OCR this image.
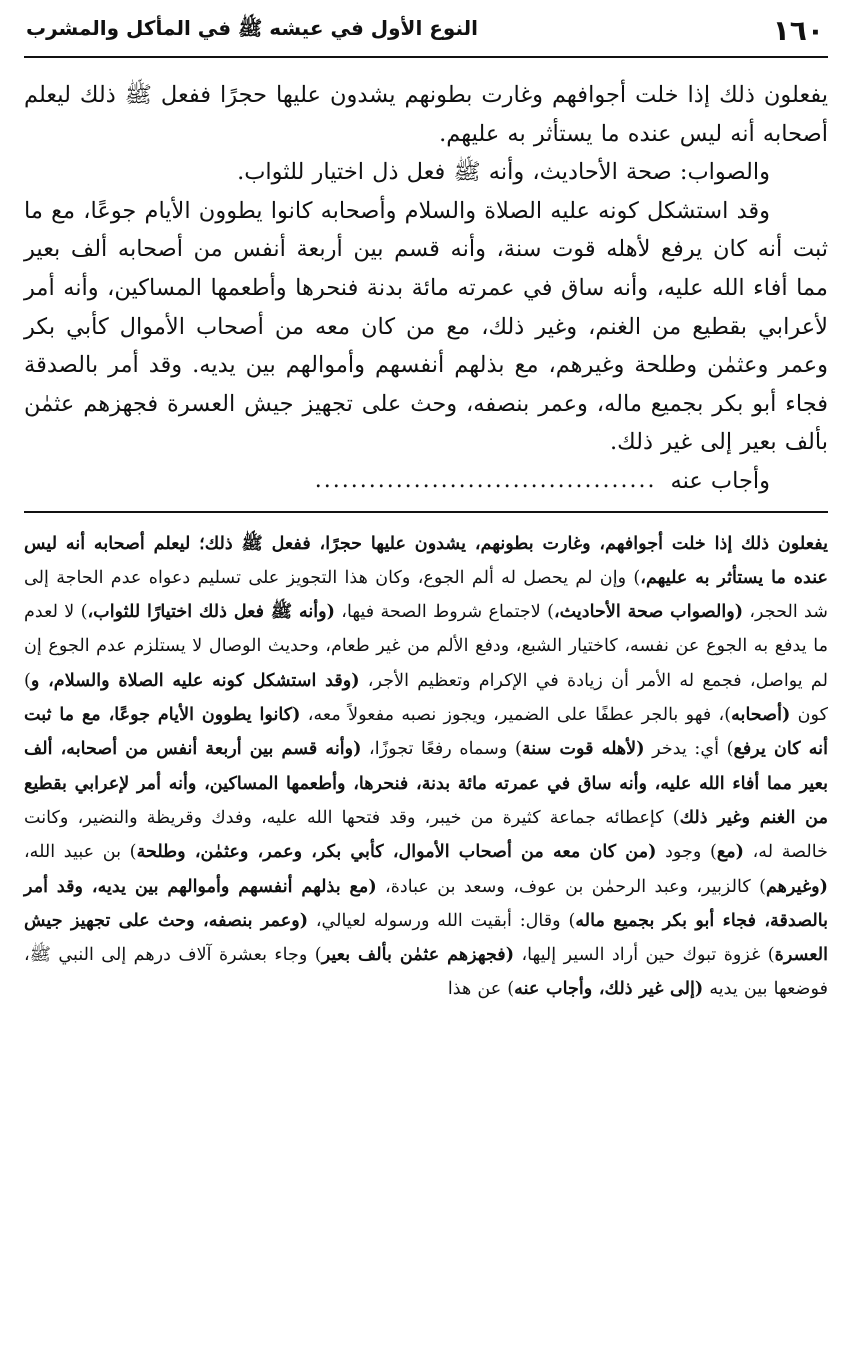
١٦٠
النوع الأول في عيشه ﷺ في المأكل والمشرب

يفعلون ذلك إذا خلت أجوافهم وغارت بطونهم يشدون عليها حجرًا ففعل ﷺ ذلك ليعلم أصحابه أنه ليس عنده ما يستأثر به عليهم.

والصواب: صحة الأحاديث، وأنه ﷺ فعل ذل اختيار للثواب.

وقد استشكل كونه عليه الصلاة والسلام وأصحابه كانوا يطوون الأيام جوعًا، مع ما ثبت أنه كان يرفع لأهله قوت سنة، وأنه قسم بين أربعة أنفس من أصحابه ألف بعير مما أفاء الله عليه، وأنه ساق في عمرته مائة بدنة فنحرها وأطعمها المساكين، وأنه أمر لأعرابي بقطيع من الغنم، وغير ذلك، مع من كان معه من أصحاب الأموال كأبي بكر وعمر وعثمٰن وطلحة وغيرهم، مع بذلهم أنفسهم وأموالهم بين يديه. وقد أمر بالصدقة فجاء أبو بكر بجميع ماله، وعمر بنصفه، وحث على تجهيز جيش العسرة فجهزهم عثمٰن بألف بعير إلى غير ذلك.

وأجاب عنه
......................................

يفعلون ذلك إذا خلت أجوافهم، وغارت بطونهم، يشدون عليها حجرًا، ففعل ﷺ ذلك؛ ليعلم أصحابه أنه ليس عنده ما يستأثر به عليهم،) وإن لم يحصل له ألم الجوع، وكان هذا التجويز على تسليم دعواه عدم الحاجة إلى شد الحجر، (والصواب صحة الأحاديث،) لاجتماع شروط الصحة فيها، (وأنه ﷺ فعل ذلك اختيارًا للثواب،) لا لعدم ما يدفع به الجوع عن نفسه، كاختيار الشبع، ودفع الألم من غير طعام، وحديث الوصال لا يستلزم عدم الجوع إن لم يواصل، فجمع له الأمر أن زيادة في الإكرام وتعظيم الأجر، (وقد استشكل كونه عليه الصلاة والسلام، و) كون (أصحابه)، فهو بالجر عطفًا على الضمير، ويجوز نصبه مفعولاً معه، (كانوا يطوون الأيام جوعًا، مع ما ثبت أنه كان يرفع) أي: يدخر (لأهله قوت سنة) وسماه رفعًا تجوزًا، (وأنه قسم بين أربعة أنفس من أصحابه، ألف بعير مما أفاء الله عليه، وأنه ساق في عمرته مائة بدنة، فنحرها، وأطعمها المساكين، وأنه أمر لإعرابي بقطيع من الغنم وغير ذلك) كإعطائه جماعة كثيرة من خيبر، وقد فتحها الله عليه، وفدك وقريظة والنضير، وكانت خالصة له، (مع) وجود (من كان معه من أصحاب الأموال، كأبي بكر، وعمر، وعثمٰن، وطلحة) بن عبيد الله، (وغيرهم) كالزبير، وعبد الرحمٰن بن عوف، وسعد بن عبادة، (مع بذلهم أنفسهم وأموالهم بين يديه، وقد أمر بالصدقة، فجاء أبو بكر بجميع ماله) وقال: أبقيت الله ورسوله لعيالي، (وعمر بنصفه، وحث على تجهيز جيش العسرة) غزوة تبوك حين أراد السير إليها، (فجهزهم عثمٰن بألف بعير) وجاء بعشرة آلاف درهم إلى النبي ﷺ، فوضعها بين يديه (إلى غير ذلك، وأجاب عنه) عن هذا
